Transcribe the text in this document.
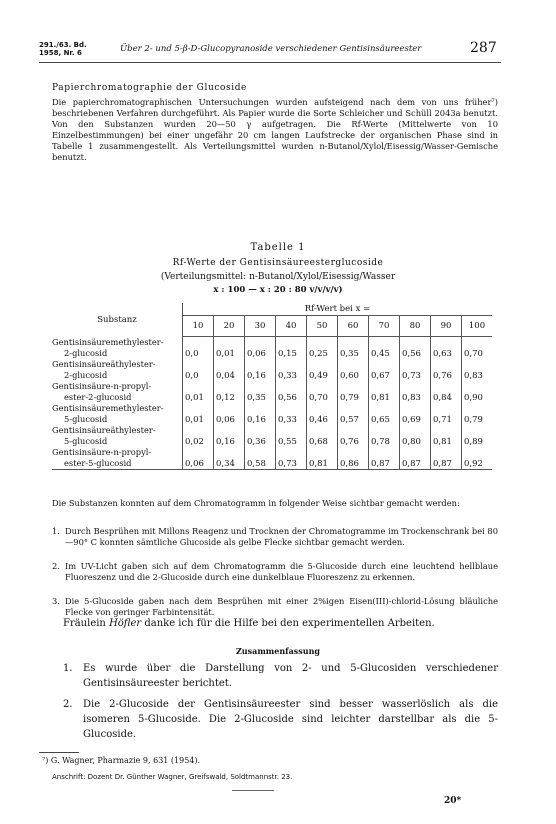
291./63. Bd.
1958, Nr. 6	Über 2- und 5-β-D-Glucopyranoside verschiedener Gentisinsäureester	287
Papierchromatographie der Glucoside
Die papierchromatographischen Untersuchungen wurden aufsteigend nach dem von uns früher⁷) beschriebenen Verfahren durchgeführt. Als Papier wurde die Sorte Schleicher und Schüll 2043a benutzt. Von den Substanzen wurden 20—50 γ aufgetragen. Die Rf-Werte (Mittelwerte von 10 Einzelbestimmungen) bei einer ungefähr 20 cm langen Laufstrecke der organischen Phase sind in Tabelle 1 zusammengestellt. Als Verteilungsmittel wurden n-Butanol/Xylol/Eisessig/Wasser-Gemische benutzt.
Tabelle 1
Rf-Werte der Gentisinsäureesterglucoside
(Verteilungsmittel: n-Butanol/Xylol/Eisessig/Wasser
x : 100 — x : 20 : 80 v/v/v/v)
Substanz	Rf-Wert bei x =									
	10	20	30	40	50	60	70	80	90	100

Gentisinsäuremethylester-
2-glucosid	0,0	0,01	0,06	0,15	0,25	0,35	0,45	0,56	0,63	0,70

Gentisinsäureäthylester-
2-glucosid	0,0	0,04	0,16	0,33	0,49	0,60	0,67	0,73	0,76	0,83

Gentisinsäure-n-propyl-
ester-2-glucosid	0,01	0,12	0,35	0,56	0,70	0,79	0,81	0,83	0,84	0,90

Gentisinsäuremethylester-
5-glucosid	0,01	0,06	0,16	0,33	0,46	0,57	0,65	0,69	0,71	0,79

Gentisinsäureäthylester-
5-glucosid	0,02	0,16	0,36	0,55	0,68	0,76	0,78	0,80	0,81	0,89

Gentisinsäure-n-propyl-
ester-5-glucosid	0,06	0,34	0,58	0,73	0,81	0,86	0,87	0,87	0,87	0,92
Die Substanzen konnten auf dem Chromatogramm in folgender Weise sichtbar gemacht werden:
1. Durch Besprühen mit Millons Reagenz und Trocknen der Chromatogramme im Trockenschrank bei 80—90° C konnten sämtliche Glucoside als gelbe Flecke sichtbar gemacht werden.
2. Im UV-Licht gaben sich auf dem Chromatogramm die 5-Glucoside durch eine leuchtend hellblaue Fluoreszenz und die 2-Glucoside durch eine dunkelblaue Fluoreszenz zu erkennen.
3. Die 5-Glucoside gaben nach dem Besprühen mit einer 2%igen Eisen(III)-chlorid-Lösung bläuliche Flecke von geringer Farbintensität.
Fräulein Höfler danke ich für die Hilfe bei den experimentellen Arbeiten.
Zusammenfassung
1. Es wurde über die Darstellung von 2- und 5-Glucosiden verschiedener Gentisinsäureester berichtet.
2. Die 2-Glucoside der Gentisinsäureester sind besser wasserlöslich als die isomeren 5-Glucoside. Die 2-Glucoside sind leichter darstellbar als die 5-Glucoside.
⁷) G. Wagner, Pharmazie 9, 631 (1954).
Anschrift: Dozent Dr. Günther Wagner, Greifswald, Soldtmannstr. 23.
20*
